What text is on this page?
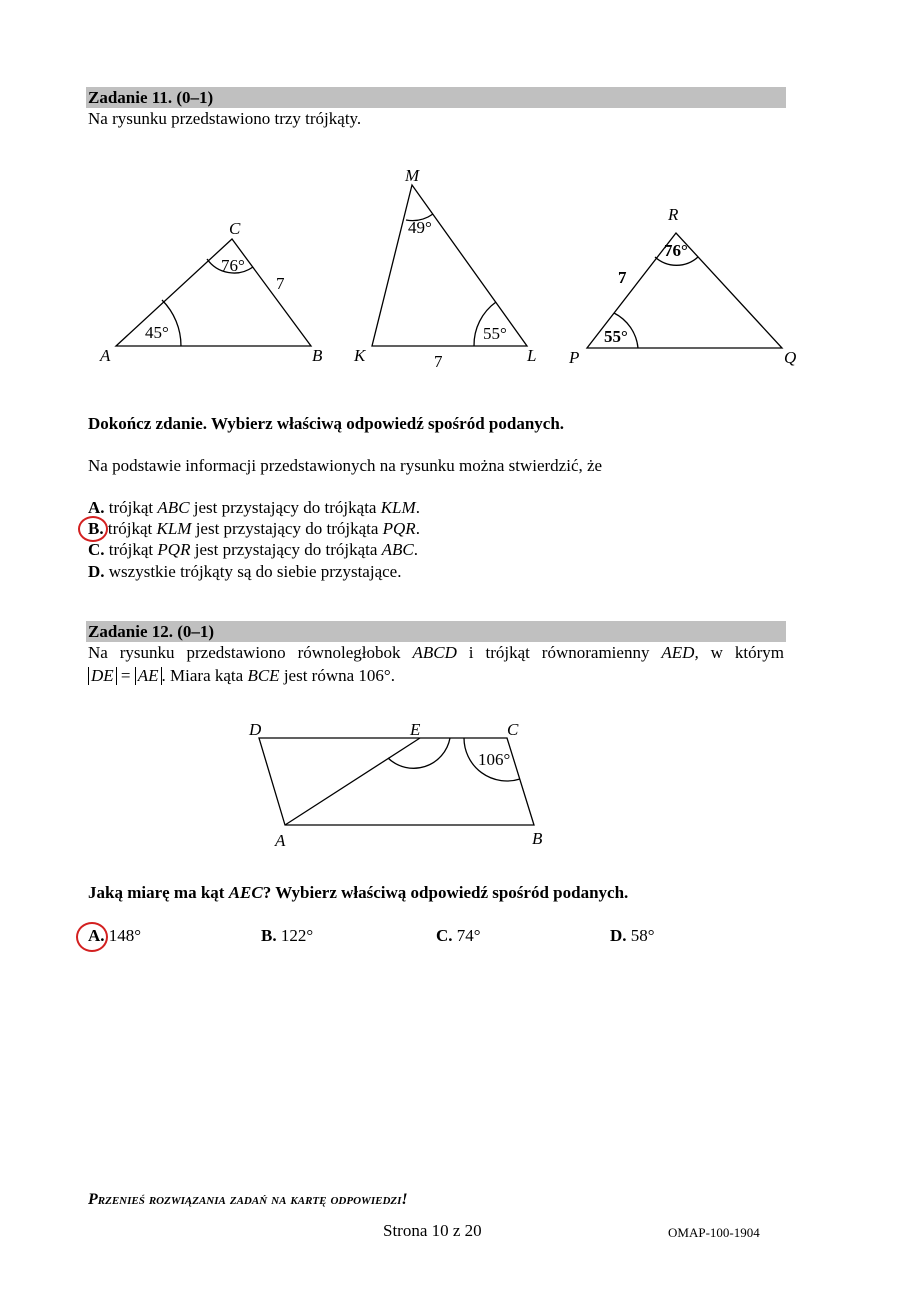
Zadanie 11. (0–1)
Na rysunku przedstawiono trzy trójkąty.
A	B
C
K	L
M
P	Q
R
45°
76°
7
49°
55°
7
76°
55°
7
Dokończ zdanie. Wybierz właściwą odpowiedź spośród podanych.
Na podstawie informacji przedstawionych na rysunku można stwierdzić, że
A. trójkąt ABC jest przystający do trójkąta KLM.
B. trójkąt KLM jest przystający do trójkąta PQR.
C. trójkąt PQR jest przystający do trójkąta ABC.
D. wszystkie trójkąty są do siebie przystające.
Zadanie 12. (0–1)
Na rysunku przedstawiono równoległobok ABCD i trójkąt równoramienny AED, w którym
DE = AE . Miara kąta BCE jest równa 106°.
D	E	C
A	B
106°
Jaką miarę ma kąt AEC? Wybierz właściwą odpowiedź spośród podanych.
A. 148°	B. 122°	C. 74°	D. 58°
Przenieś rozwiązania zadań na kartę odpowiedzi!
Strona 10 z 20	OMAP-100-1904
